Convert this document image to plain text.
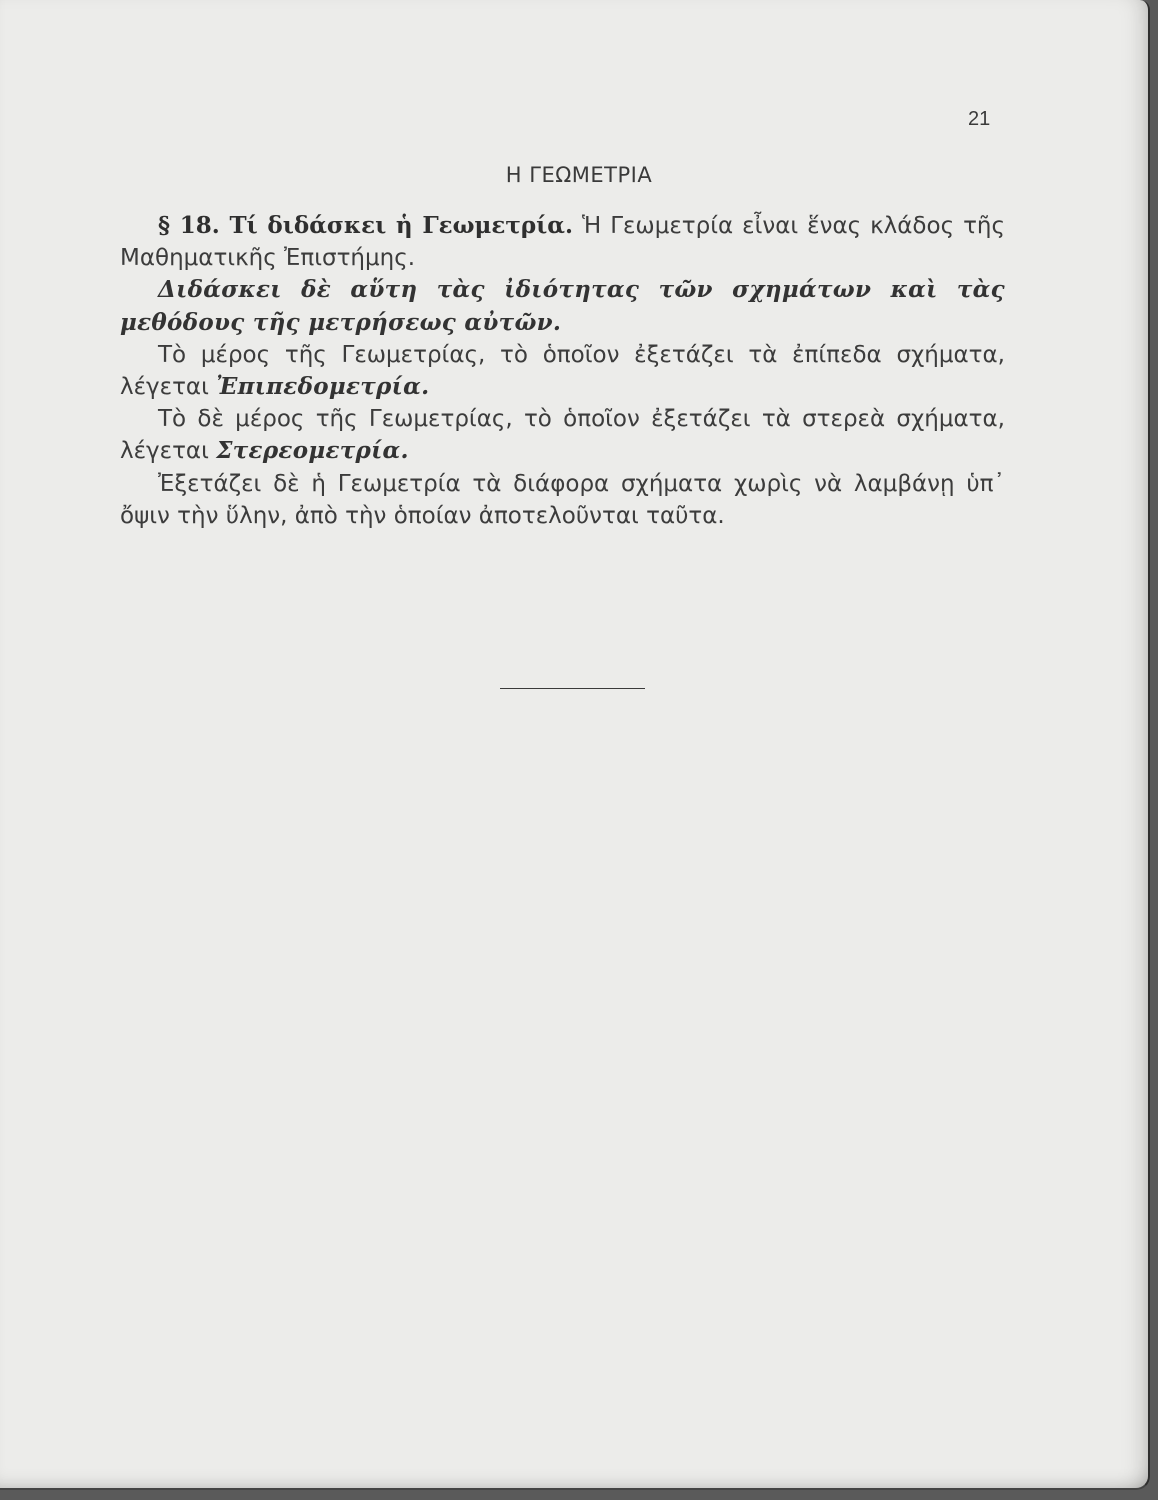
21
Η ΓΕΩΜΕΤΡΙΑ

§ 18. Τί διδάσκει ἡ Γεωμετρία. Ἡ Γεωμετρία εἶναι ἕνας κλάδος τῆς Μαθηματικῆς Ἐπιστήμης.

Διδάσκει δὲ αὕτη τὰς ἰδιότητας τῶν σχημάτων καὶ τὰς μεθόδους τῆς μετρήσεως αὐτῶν.

Τὸ μέρος τῆς Γεωμετρίας, τὸ ὁποῖον ἐξετάζει τὰ ἐπίπεδα σχήματα, λέγεται Ἐπιπεδομετρία.

Τὸ δὲ μέρος τῆς Γεωμετρίας, τὸ ὁποῖον ἐξετάζει τὰ στερεὰ σχήματα, λέγεται Στερεομετρία.

Ἐξετάζει δὲ ἡ Γεωμετρία τὰ διάφορα σχήματα χωρὶς νὰ λαμβάνῃ ὑπ᾿ ὄψιν τὴν ὕλην, ἀπὸ τὴν ὁποίαν ἀποτελοῦνται ταῦτα.
